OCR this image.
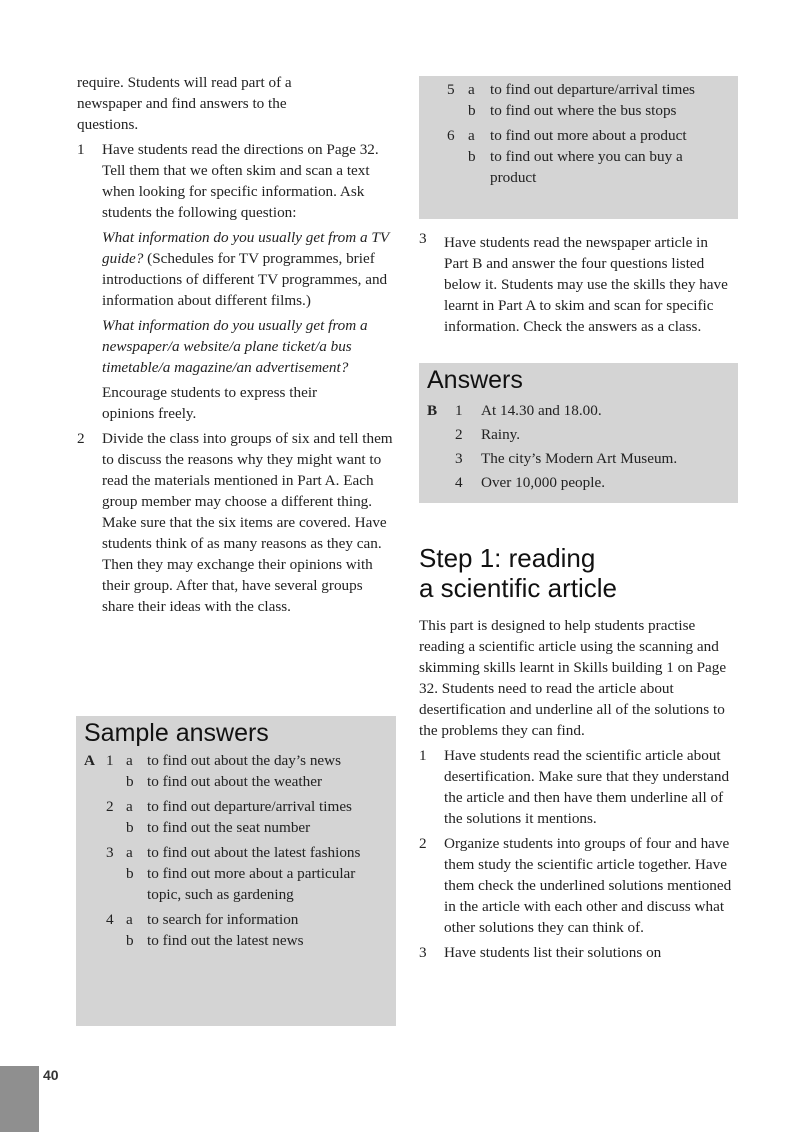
require. Students will read part of a newspaper and find answers to the questions.

1 Have students read the directions on Page 32. Tell them that we often skim and scan a text when looking for specific information. Ask students the following question:
What information do you usually get from a TV guide? (Schedules for TV programmes, brief introductions of different TV programmes, and information about different films.)
What information do you usually get from a newspaper/a website/a plane ticket/a bus timetable/a magazine/an advertisement?
Encourage students to express their opinions freely.
2 Divide the class into groups of six and tell them to discuss the reasons why they might want to read the materials mentioned in Part A. Each group member may choose a different thing. Make sure that the six items are covered. Have students think of as many reasons as they can. Then they may exchange their opinions with their group. After that, have several groups share their ideas with the class.
Sample answers
A 1 a to find out about the day’s news
b to find out about the weather
2 a to find out departure/arrival times
b to find out the seat number
3 a to find out about the latest fashions
b to find out more about a particular topic, such as gardening
4 a to search for information
b to find out the latest news
5 a to find out departure/arrival times
b to find out where the bus stops
6 a to find out more about a product
b to find out where you can buy a product
3 Have students read the newspaper article in Part B and answer the four questions listed below it. Students may use the skills they have learnt in Part A to skim and scan for specific information. Check the answers as a class.
Answers
B 1 At 14.30 and 18.00.
2 Rainy.
3 The city’s Modern Art Museum.
4 Over 10,000 people.
Step 1: reading
a scientific article

This part is designed to help students practise reading a scientific article using the scanning and skimming skills learnt in Skills building 1 on Page 32. Students need to read the article about desertification and underline all of the solutions to the problems they can find.

1 Have students read the scientific article about desertification. Make sure that they understand the article and then have them underline all of the solutions it mentions.
2 Organize students into groups of four and have them study the scientific article together. Have them check the underlined solutions mentioned in the article with each other and discuss what other solutions they can think of.
3 Have students list their solutions on
40
